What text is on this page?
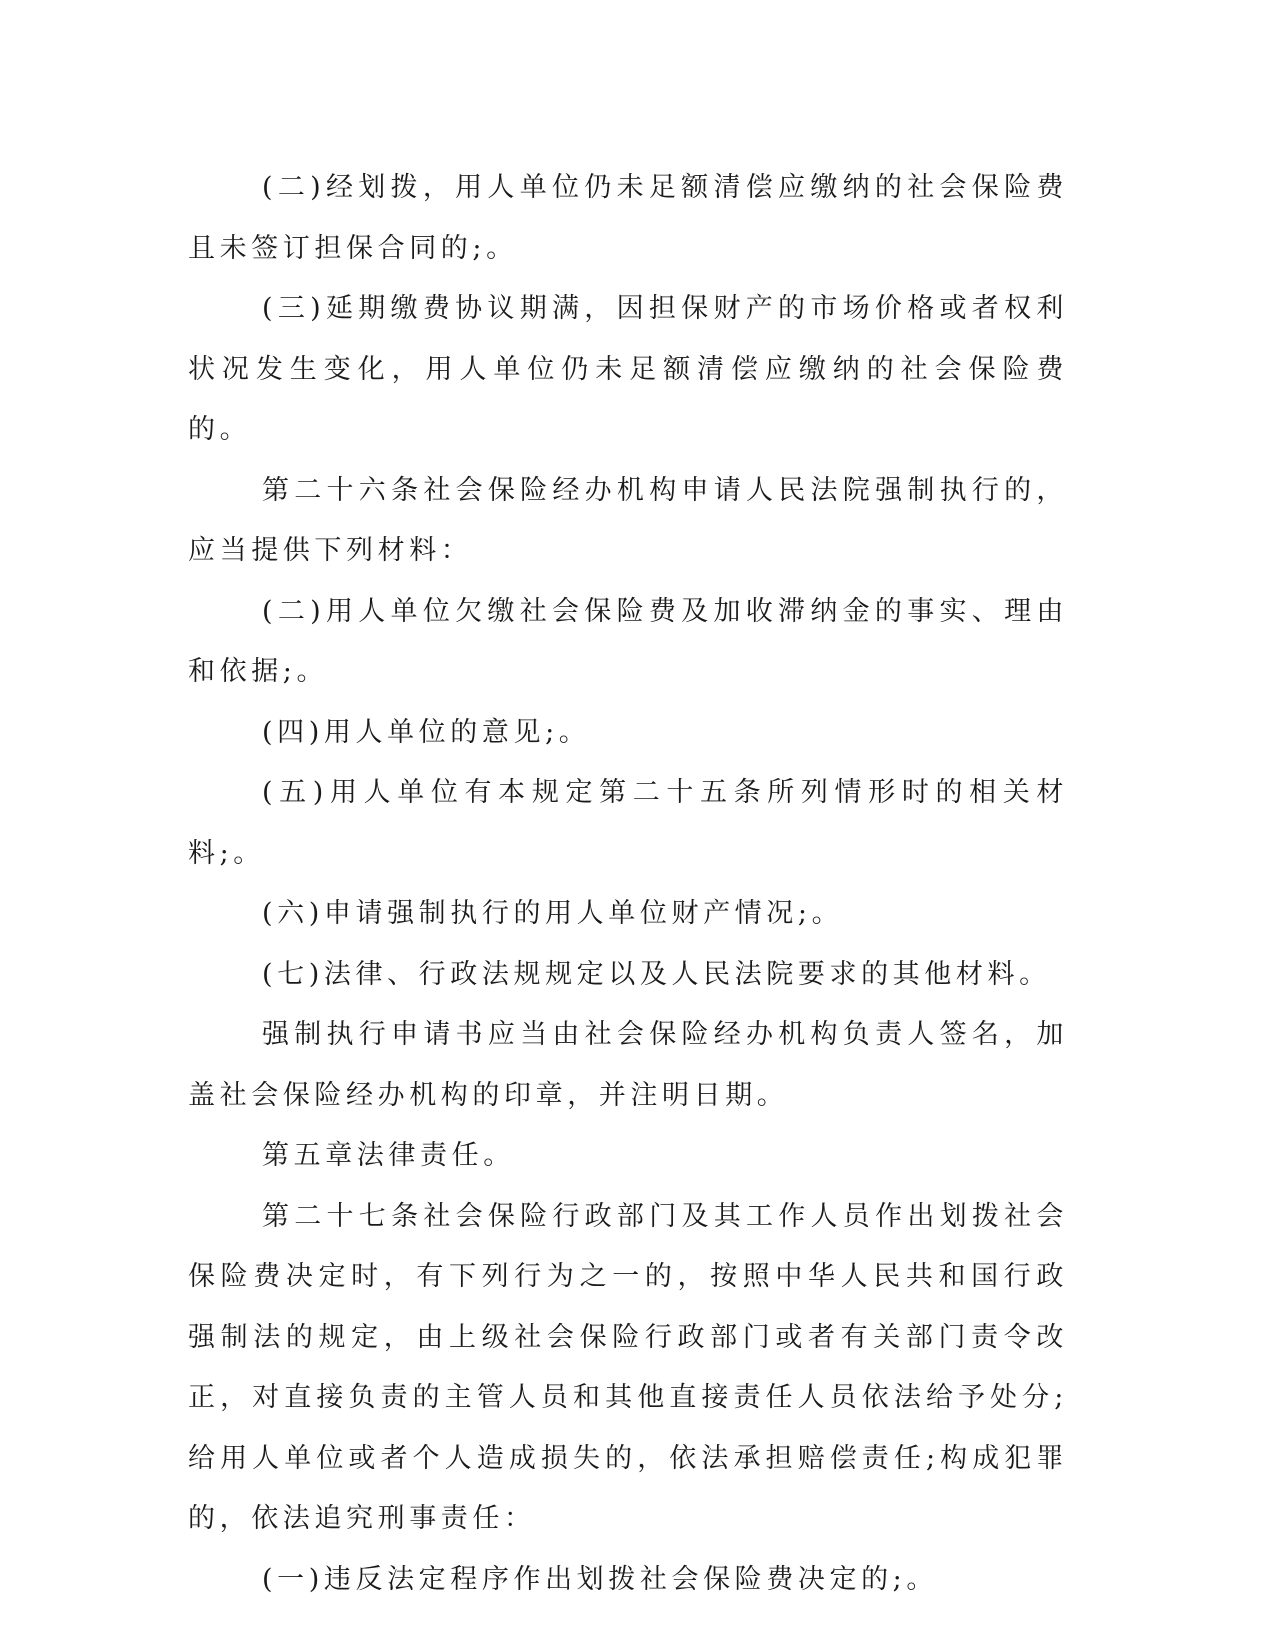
(二)经划拨，用人单位仍未足额清偿应缴纳的社会保险费且未签订担保合同的;。

(三)延期缴费协议期满，因担保财产的市场价格或者权利状况发生变化，用人单位仍未足额清偿应缴纳的社会保险费的。

第二十六条社会保险经办机构申请人民法院强制执行的，应当提供下列材料：

(二)用人单位欠缴社会保险费及加收滞纳金的事实、理由和依据;。

(四)用人单位的意见;。

(五)用人单位有本规定第二十五条所列情形时的相关材料;。

(六)申请强制执行的用人单位财产情况;。

(七)法律、行政法规规定以及人民法院要求的其他材料。

强制执行申请书应当由社会保险经办机构负责人签名，加盖社会保险经办机构的印章，并注明日期。

第五章法律责任。

第二十七条社会保险行政部门及其工作人员作出划拨社会保险费决定时，有下列行为之一的，按照中华人民共和国行政强制法的规定，由上级社会保险行政部门或者有关部门责令改正，对直接负责的主管人员和其他直接责任人员依法给予处分;给用人单位或者个人造成损失的，依法承担赔偿责任;构成犯罪的，依法追究刑事责任：

(一)违反法定程序作出划拨社会保险费决定的;。
